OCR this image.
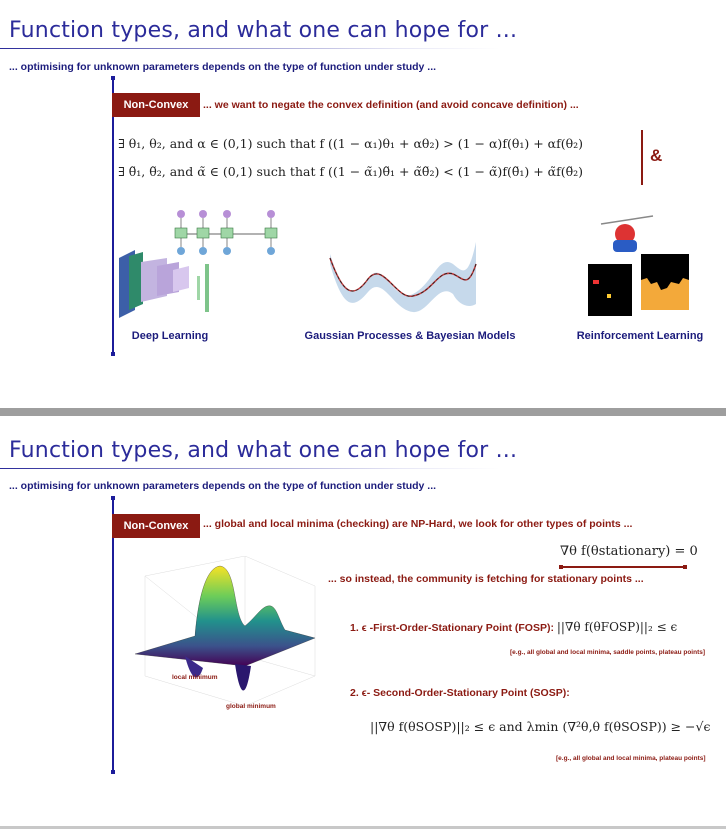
Function types, and what one can hope for ...
... optimising for unknown parameters depends on the type of function under study ...
Non-Convex	... we want to negate the convex definition (and avoid concave definition) ...
∃ θ₁, θ₂, and α ∈ (0,1) such that f ((1 − α₁)θ₁ + αθ₂) > (1 − α)f(θ₁) + αf(θ₂)
∃ θ̃₁, θ̃₂, and α̃ ∈ (0,1) such that f ((1 − α̃₁)θ̃₁ + α̃θ̃₂) < (1 − α̃)f(θ̃₁) + α̃f(θ̃₂)
&
Deep Learning	Gaussian Processes & Bayesian Models	Reinforcement Learning
Function types, and what one can hope for ...
... optimising for unknown parameters depends on the type of function under study ...
Non-Convex	... global and local minima (checking) are NP-Hard, we look for other types of points ...
∇θ f(θstationary) = 0
... so instead, the community is fetching for stationary points ...
local minimum
global minimum
1. ϵ -First-Order-Stationary Point (FOSP): ||∇θ f(θFOSP)||₂ ≤ ϵ
[e.g., all global and local minima, saddle points, plateau points]
2. ϵ- Second-Order-Stationary Point (SOSP):
||∇θ f(θSOSP)||₂ ≤ ϵ and λmin (∇²θ,θ f(θSOSP)) ≥ −√ϵ
[e.g., all global and local minima, plateau points]
